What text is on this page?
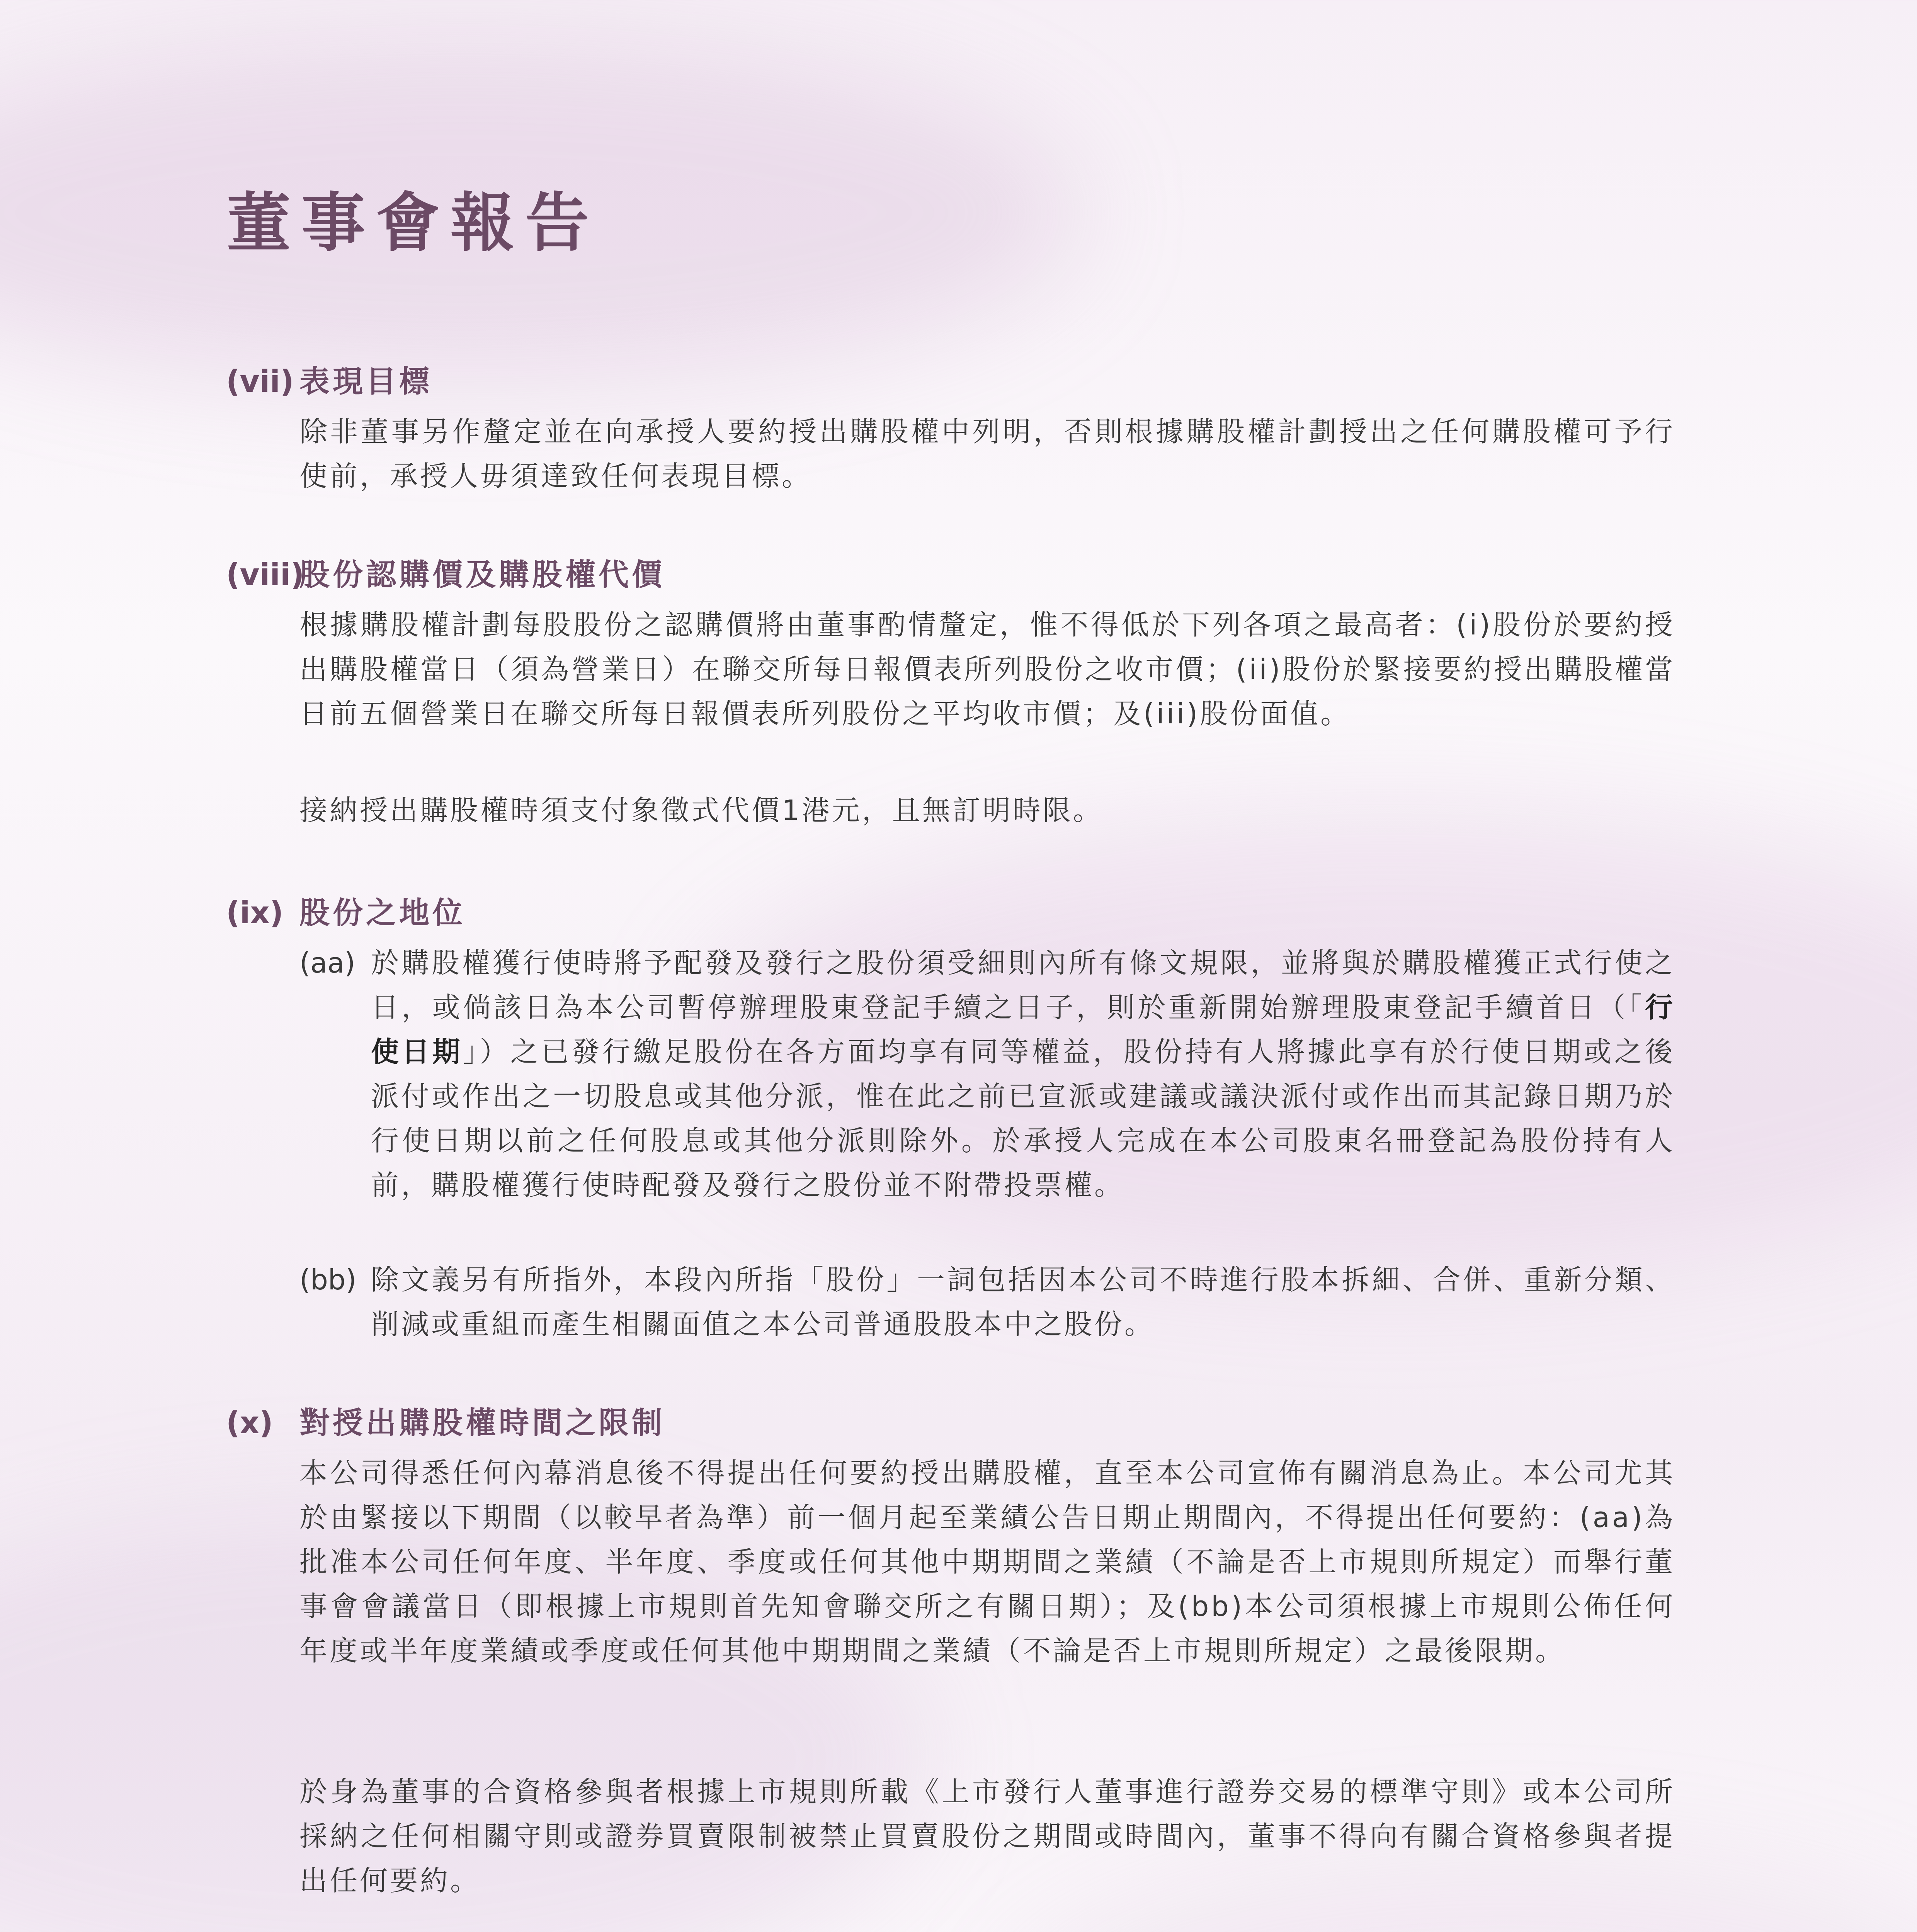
董事會報告
(vii) 表現目標

除非董事另作釐定並在向承授人要約授出購股權中列明，否則根據購股權計劃授出之任何購股權可予行使前，承授人毋須達致任何表現目標。

(viii)股份認購價及購股權代價

根據購股權計劃每股股份之認購價將由董事酌情釐定，惟不得低於下列各項之最高者：(i)股份於要約授出購股權當日（須為營業日）在聯交所每日報價表所列股份之收市價；(ii)股份於緊接要約授出購股權當日前五個營業日在聯交所每日報價表所列股份之平均收市價；及(iii)股份面值。

接納授出購股權時須支付象徵式代價1港元，且無訂明時限。

(ix) 股份之地位
(aa) 於購股權獲行使時將予配發及發行之股份須受細則內所有條文規限，並將與於購股權獲正式行使之日，或倘該日為本公司暫停辦理股東登記手續之日子，則於重新開始辦理股東登記手續首日（「行使日期」）之已發行繳足股份在各方面均享有同等權益，股份持有人將據此享有於行使日期或之後派付或作出之一切股息或其他分派，惟在此之前已宣派或建議或議決派付或作出而其記錄日期乃於行使日期以前之任何股息或其他分派則除外。於承授人完成在本公司股東名冊登記為股份持有人前，購股權獲行使時配發及發行之股份並不附帶投票權。

(bb) 除文義另有所指外，本段內所指「股份」一詞包括因本公司不時進行股本拆細、合併、重新分類、削減或重組而產生相關面值之本公司普通股股本中之股份。

(x) 對授出購股權時間之限制

本公司得悉任何內幕消息後不得提出任何要約授出購股權，直至本公司宣佈有關消息為止。本公司尤其於由緊接以下期間（以較早者為準）前一個月起至業績公告日期止期間內，不得提出任何要約：(aa)為批准本公司任何年度、半年度、季度或任何其他中期期間之業績（不論是否上市規則所規定）而舉行董事會會議當日（即根據上市規則首先知會聯交所之有關日期）；及(bb)本公司須根據上市規則公佈任何年度或半年度業績或季度或任何其他中期期間之業績（不論是否上市規則所規定）之最後限期。

於身為董事的合資格參與者根據上市規則所載《上市發行人董事進行證券交易的標準守則》或本公司所採納之任何相關守則或證券買賣限制被禁止買賣股份之期間或時間內，董事不得向有關合資格參與者提出任何要約。
